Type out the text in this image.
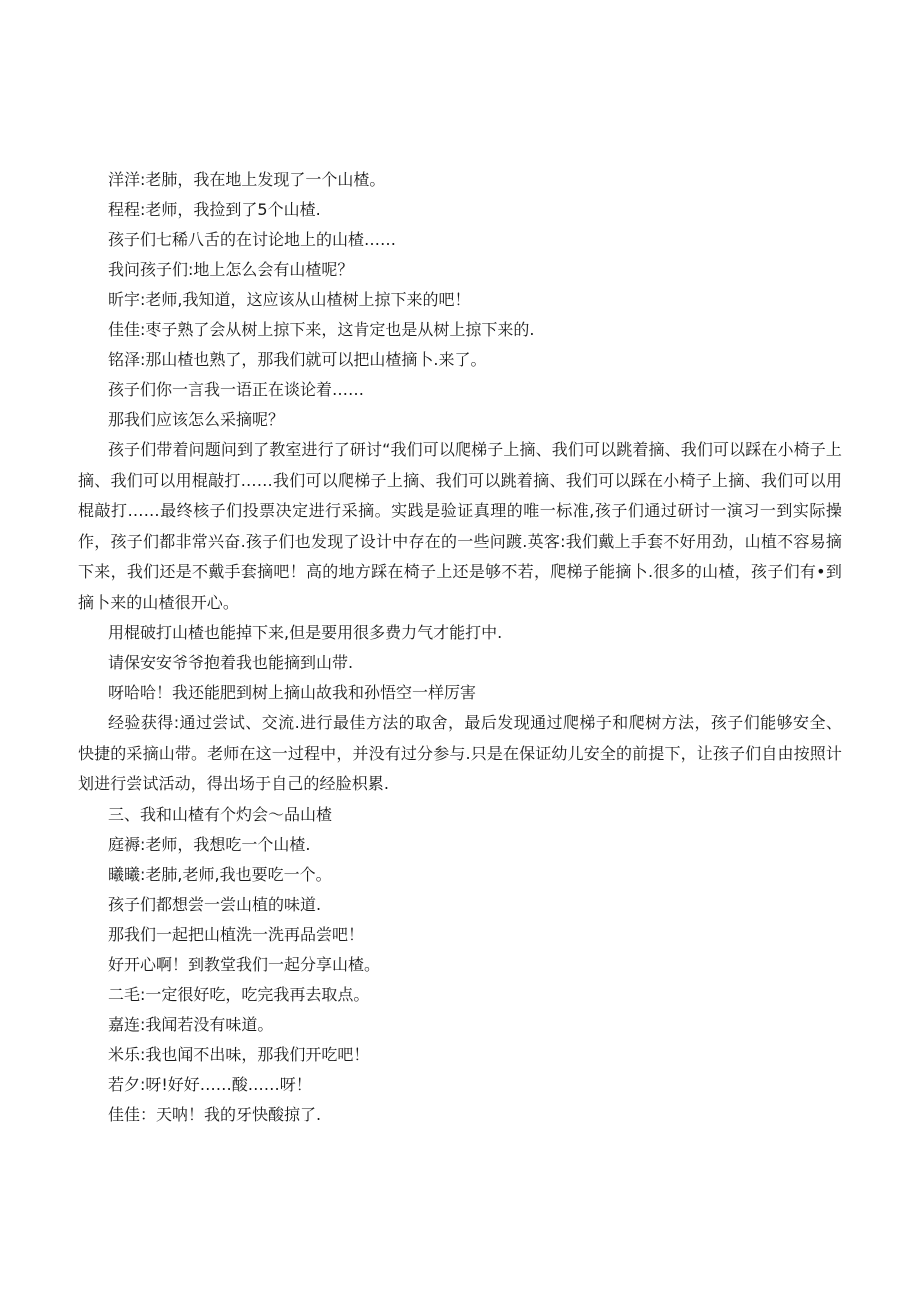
洋洋:老肺，我在地上发现了一个山楂。
程程:老师，我捡到了5个山楂.
孩子们七稀八舌的在讨论地上的山楂……
我问孩子们:地上怎么会有山楂呢？
昕宇:老师,我知道，这应该从山楂树上掠下来的吧！
佳佳:枣子熟了会从树上掠下来，这肯定也是从树上掠下来的.
铭泽:那山楂也熟了，那我们就可以把山楂摘卜.来了。
孩子们你一言我一语正在谈论着……
那我们应该怎么采摘呢？

孩子们带着问题问到了教室进行了研讨“我们可以爬梯子上摘、我们可以跳着摘、我们可以踩在小椅子上摘、我们可以用棍敲打……我们可以爬梯子上摘、我们可以跳着摘、我们可以踩在小椅子上摘、我们可以用棍敲打……最终核子们投票决定进行采摘。实践是验证真理的唯一标准,孩子们通过研讨一演习一到实际操作，孩子们都非常兴奋.孩子们也发现了设计中存在的一些问踱.英客:我们戴上手套不好用劲，山植不容易摘下来，我们还是不戴手套摘吧！高的地方踩在椅子上还是够不若，爬梯子能摘卜.很多的山楂，孩子们有•到摘卜来的山楂很开心。

用棍破打山楂也能掉下来,但是要用很多费力气才能打中.
请保安安爷爷抱着我也能摘到山带.
呀哈哈！我还能肥到树上摘山故我和孙悟空一样厉害

经验获得:通过尝试、交流.进行最佳方法的取舍，最后发现通过爬梯子和爬树方法，孩子们能够安全、快捷的采摘山带。老师在这一过程中，并没有过分参与.只是在保证幼儿安全的前提下，让孩子们自由按照计划进行尝试活动，得出场于自己的经脸枳累.

三、我和山楂有个灼会〜品山楂
庭褥:老师，我想吃一个山楂.
曦曦:老肺,老师,我也要吃一个。
孩子们都想尝一尝山植的味道.
那我们一起把山植洗一洗再品尝吧！
好开心啊！到教堂我们一起分享山楂。
二毛:一定很好吃，吃完我再去取点。
嘉连:我闻若没有味道。
米乐:我也闻不出味，那我们开吃吧！
若夕:呀!好好……酸……呀！
佳佳：天呐！我的牙快酸掠了.
